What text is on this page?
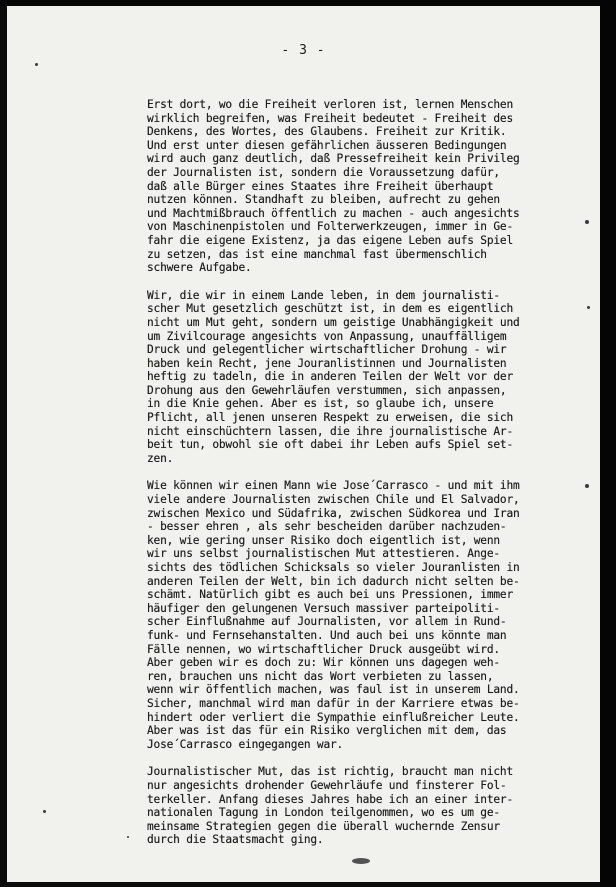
- 3 -

Erst dort, wo die Freiheit verloren ist, lernen Menschen
wirklich begreifen, was Freiheit bedeutet - Freiheit des
Denkens, des Wortes, des Glaubens. Freiheit zur Kritik.
Und erst unter diesen gefährlichen äusseren Bedingungen
wird auch ganz deutlich, daß Pressefreiheit kein Privileg
der Journalisten ist, sondern die Voraussetzung dafür,
daß alle Bürger eines Staates ihre Freiheit überhaupt
nutzen können. Standhaft zu bleiben, aufrecht zu gehen
und Machtmißbrauch öffentlich zu machen - auch angesichts
von Maschinenpistolen und Folterwerkzeugen, immer in Ge-
fahr die eigene Existenz, ja das eigene Leben aufs Spiel
zu setzen, das ist eine manchmal fast übermenschlich
schwere Aufgabe.

Wir, die wir in einem Lande leben, in dem journalisti-
scher Mut gesetzlich geschützt ist, in dem es eigentlich
nicht um Mut geht, sondern um geistige Unabhängigkeit und
um Zivilcourage angesichts von Anpassung, unauffälligem
Druck und gelegentlicher wirtschaftlicher Drohung - wir
haben kein Recht, jene Jouranlistinnen und Journalisten
heftig zu tadeln, die in anderen Teilen der Welt vor der
Drohung aus den Gewehrläufen verstummen, sich anpassen,
in die Knie gehen. Aber es ist, so glaube ich, unsere
Pflicht, all jenen unseren Respekt zu erweisen, die sich
nicht einschüchtern lassen, die ihre journalistische Ar-
beit tun, obwohl sie oft dabei ihr Leben aufs Spiel set-
zen.

Wie können wir einen Mann wie Jose´Carrasco - und mit ihm
viele andere Journalisten zwischen Chile und El Salvador,
zwischen Mexico und Südafrika, zwischen Südkorea und Iran
- besser ehren , als sehr bescheiden darüber nachzuden-
ken, wie gering unser Risiko doch eigentlich ist, wenn
wir uns selbst journalistischen Mut attestieren. Ange-
sichts des tödlichen Schicksals so vieler Jouranlisten in
anderen Teilen der Welt, bin ich dadurch nicht selten be-
schämt. Natürlich gibt es auch bei uns Pressionen, immer
häufiger den gelungenen Versuch massiver parteipoliti-
scher Einflußnahme auf Journalisten, vor allem in Rund-
funk- und Fernsehanstalten. Und auch bei uns könnte man
Fälle nennen, wo wirtschaftlicher Druck ausgeübt wird.
Aber geben wir es doch zu: Wir können uns dagegen weh-
ren, brauchen uns nicht das Wort verbieten zu lassen,
wenn wir öffentlich machen, was faul ist in unserem Land.
Sicher, manchmal wird man dafür in der Karriere etwas be-
hindert oder verliert die Sympathie einflußreicher Leute.
Aber was ist das für ein Risiko verglichen mit dem, das
Jose´Carrasco eingegangen war.

Journalistischer Mut, das ist richtig, braucht man nicht
nur angesichts drohender Gewehrläufe und finsterer Fol-
terkeller. Anfang dieses Jahres habe ich an einer inter-
nationalen Tagung in London teilgenommen, wo es um ge-
meinsame Strategien gegen die überall wuchernde Zensur
durch die Staatsmacht ging.
